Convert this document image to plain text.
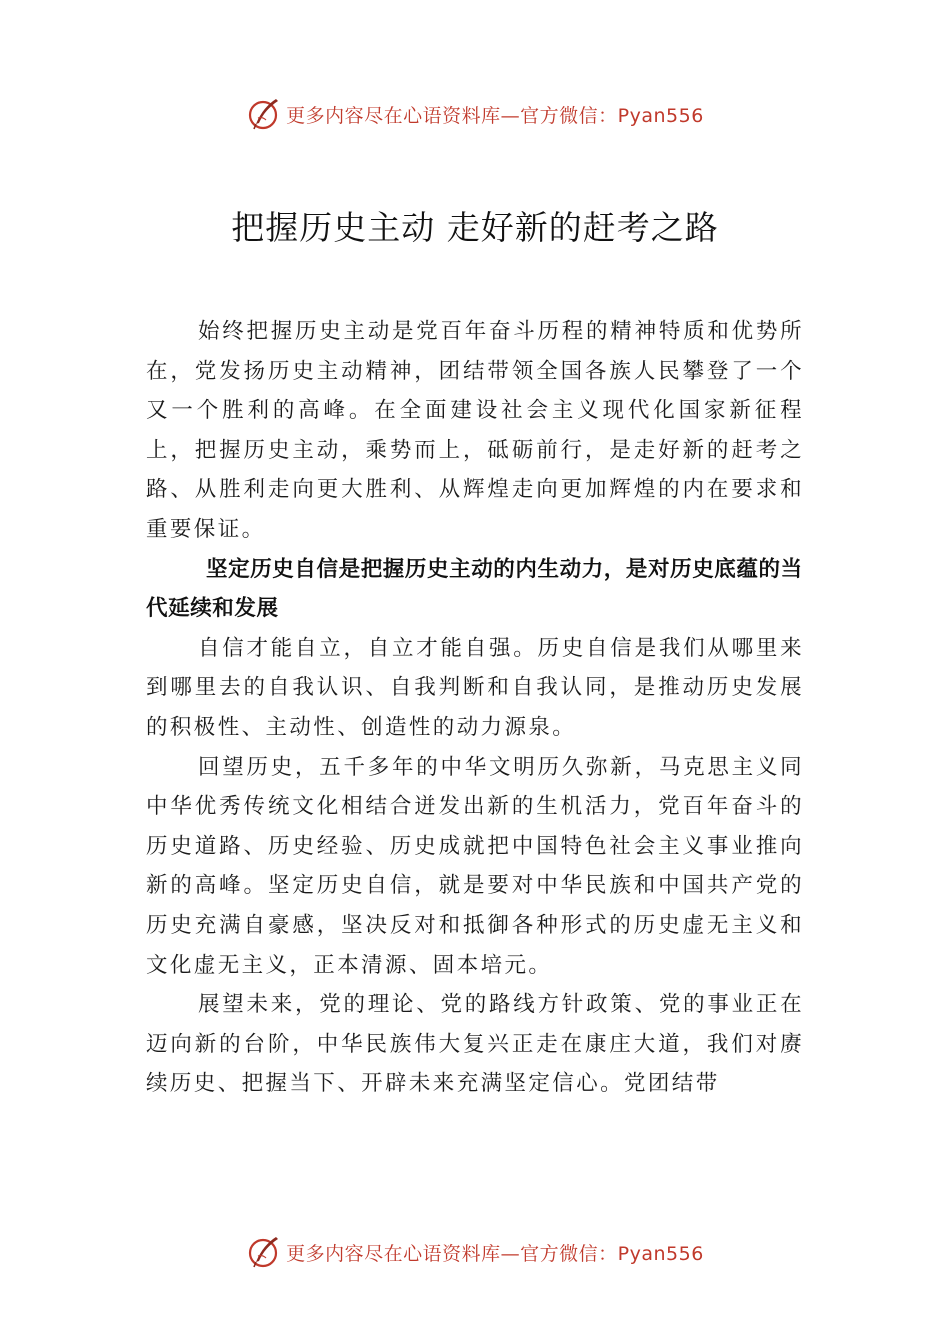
更多内容尽在心语资料库—官方微信：Pyan556
把握历史主动 走好新的赶考之路

始终把握历史主动是党百年奋斗历程的精神特质和优势所在，党发扬历史主动精神，团结带领全国各族人民攀登了一个又一个胜利的高峰。在全面建设社会主义现代化国家新征程上，把握历史主动，乘势而上，砥砺前行，是走好新的赶考之路、从胜利走向更大胜利、从辉煌走向更加辉煌的内在要求和重要保证。

坚定历史自信是把握历史主动的内生动力，是对历史底蕴的当代延续和发展

自信才能自立，自立才能自强。历史自信是我们从哪里来到哪里去的自我认识、自我判断和自我认同，是推动历史发展的积极性、主动性、创造性的动力源泉。

回望历史，五千多年的中华文明历久弥新，马克思主义同中华优秀传统文化相结合迸发出新的生机活力，党百年奋斗的历史道路、历史经验、历史成就把中国特色社会主义事业推向新的高峰。坚定历史自信，就是要对中华民族和中国共产党的历史充满自豪感，坚决反对和抵御各种形式的历史虚无主义和文化虚无主义，正本清源、固本培元。

展望未来，党的理论、党的路线方针政策、党的事业正在迈向新的台阶，中华民族伟大复兴正走在康庄大道，我们对赓续历史、把握当下、开辟未来充满坚定信心。党团结带

更多内容尽在心语资料库—官方微信：Pyan556
